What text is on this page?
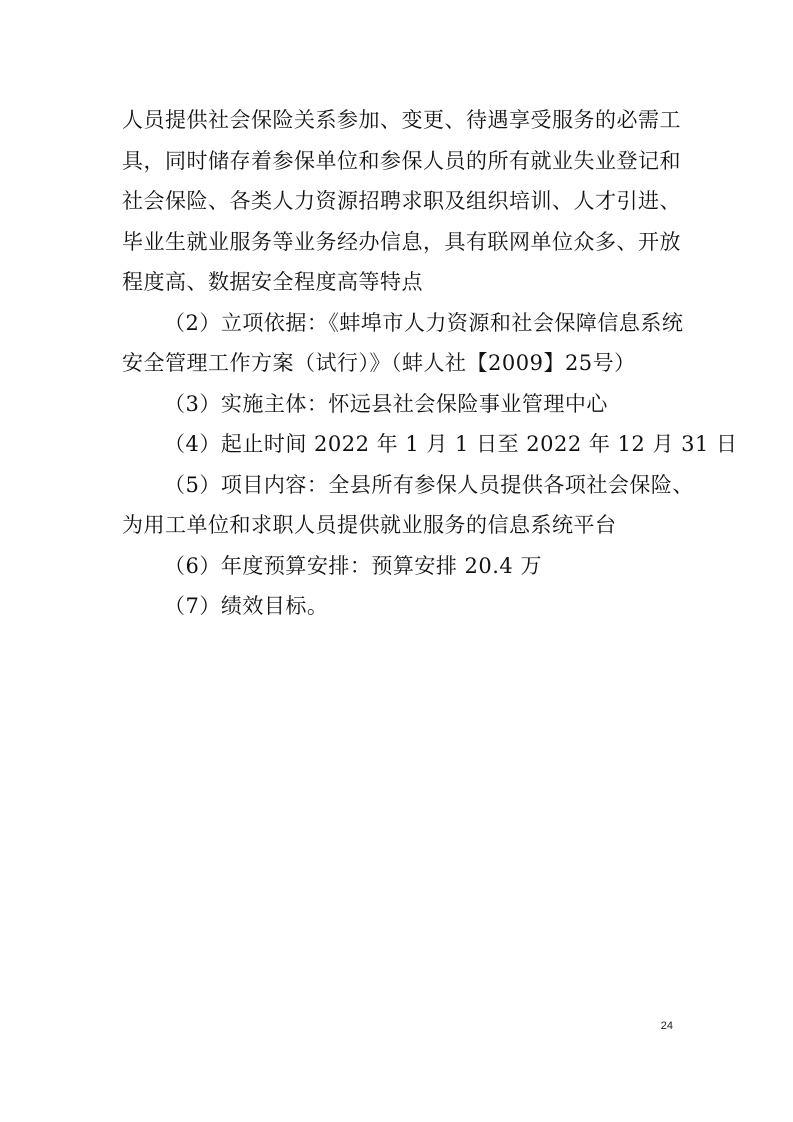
人员提供社会保险关系参加、变更、待遇享受服务的必需工

具，同时储存着参保单位和参保人员的所有就业失业登记和

社会保险、各类人力资源招聘求职及组织培训、人才引进、

毕业生就业服务等业务经办信息，具有联网单位众多、开放

程度高、数据安全程度高等特点

（2）立项依据：《蚌埠市人力资源和社会保障信息系统

安全管理工作方案（试行）》（蚌人社【2009】25号）

（3）实施主体：怀远县社会保险事业管理中心

（4）起止时间 2022 年 1 月 1 日至 2022 年 12 月 31 日

（5）项目内容：全县所有参保人员提供各项社会保险、

为用工单位和求职人员提供就业服务的信息系统平台

（6）年度预算安排：预算安排 20.4 万

（7）绩效目标。

24
